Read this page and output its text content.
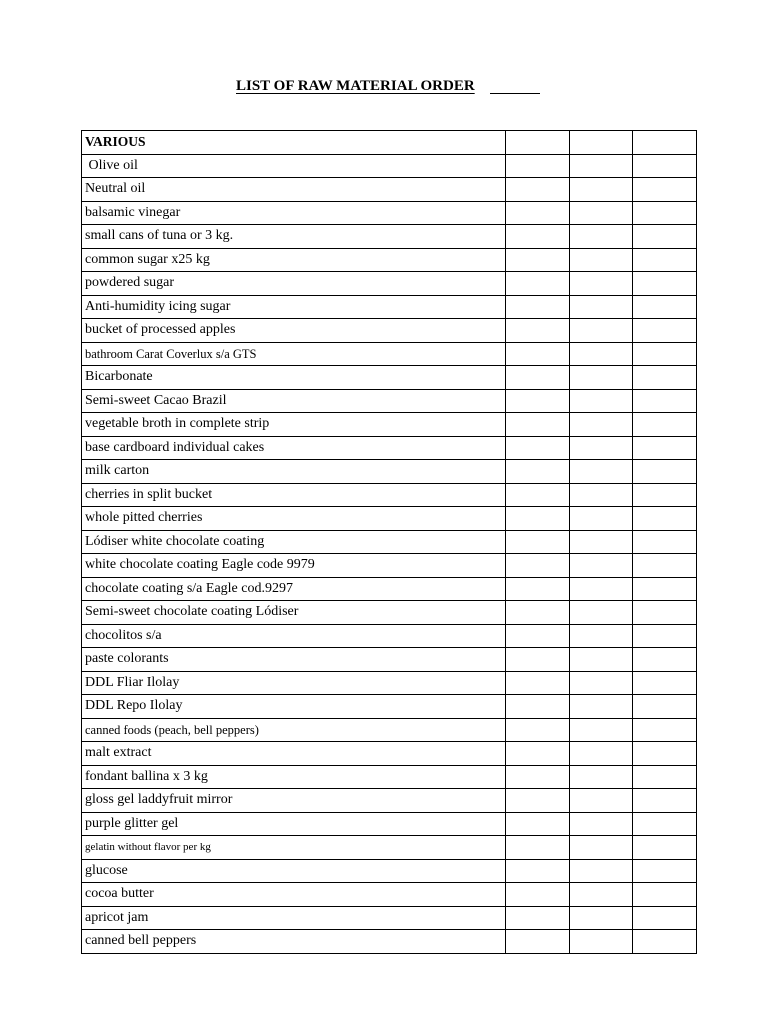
LIST OF RAW MATERIAL ORDER
VARIOUS			
Olive oil			
Neutral oil			
balsamic vinegar			
small cans of tuna or 3 kg.			
common sugar x25 kg			
powdered sugar			
Anti-humidity icing sugar			
bucket of processed apples			
bathroom Carat Coverlux s/a GTS			
Bicarbonate			
Semi-sweet Cacao Brazil			
vegetable broth in complete strip			
base cardboard individual cakes			
milk carton			
cherries in split bucket			
whole pitted cherries			
Lódiser white chocolate coating			
white chocolate coating Eagle code 9979			
chocolate coating s/a Eagle cod.9297			
Semi-sweet chocolate coating Lódiser			
chocolitos s/a			
paste colorants			
DDL Fliar Ilolay			
DDL Repo Ilolay			
canned foods (peach, bell peppers)			
malt extract			
fondant ballina x 3 kg			
gloss gel laddyfruit mirror			
purple glitter gel			
gelatin without flavor per kg			
glucose			
cocoa butter			
apricot jam			
canned bell peppers			
